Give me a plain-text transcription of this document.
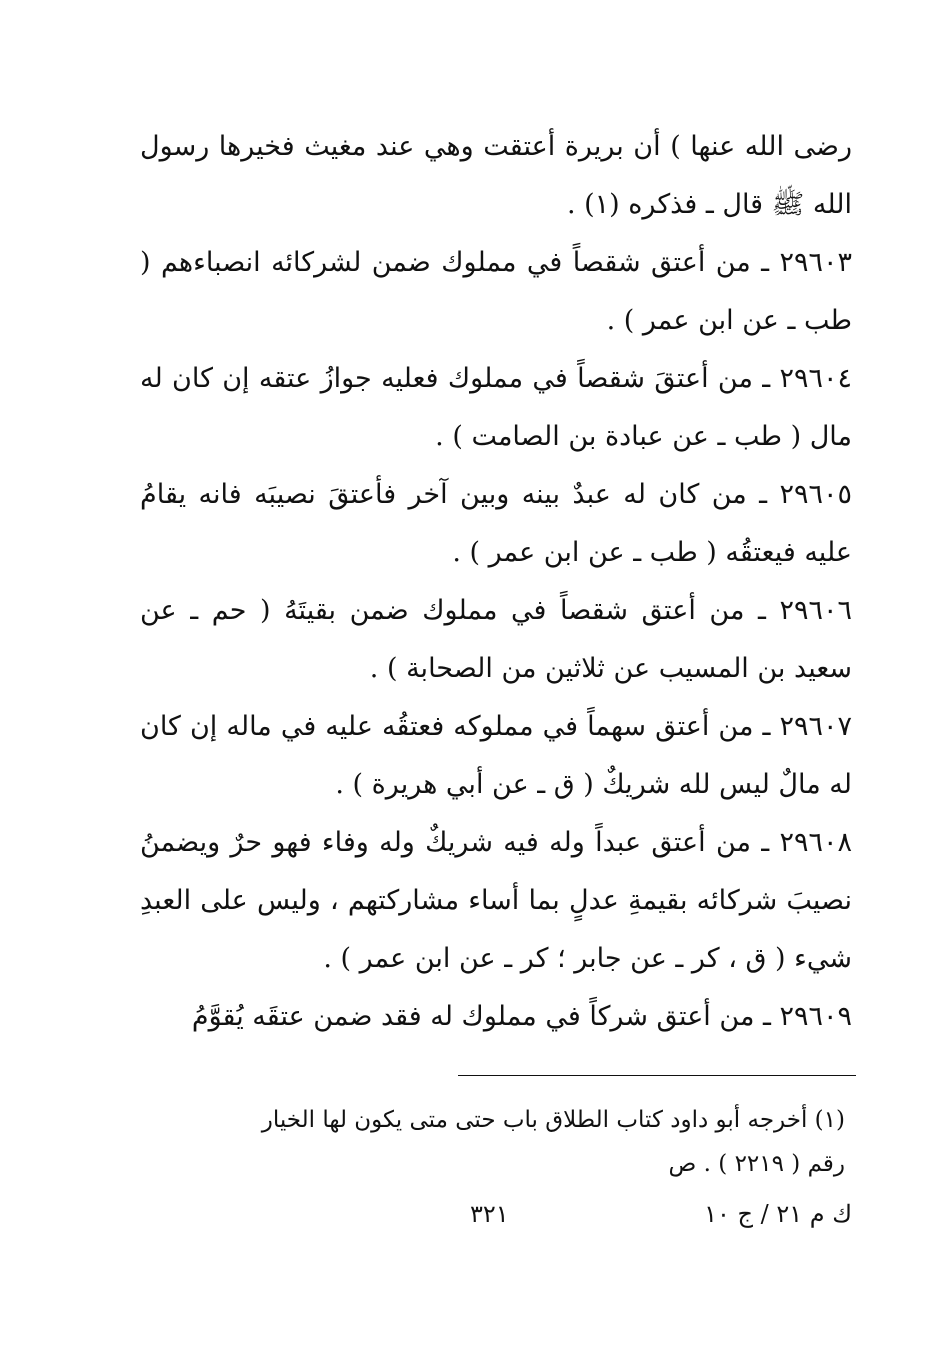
رضى الله عنها ) أن بريرة أعتقت وهي عند مغيث فخيرها رسول الله ﷺ قال ـ فذكره (١) .

٢٩٦٠٣ ـ من أعتق شقصاً في مملوك ضمن لشركائه انصباءهم ( طب ـ عن ابن عمر ) .

٢٩٦٠٤ ـ من أعتقَ شقصاً في مملوك فعليه جوازُ عتقه إن كان له مال ( طب ـ عن عبادة بن الصامت ) .

٢٩٦٠٥ ـ من كان له عبدٌ بينه وبين آخر فأعتقَ نصيبَه فانه يقامُ عليه فيعتقُه ( طب ـ عن ابن عمر ) .

٢٩٦٠٦ ـ من أعتق شقصاً في مملوك ضمن بقيتَهُ ( حم ـ عن سعيد بن المسيب عن ثلاثين من الصحابة ) .

٢٩٦٠٧ ـ من أعتق سهماً في مملوكه فعتقُه عليه في ماله إن كان له مالٌ ليس لله شريكٌ ( ق ـ عن أبي هريرة ) .

٢٩٦٠٨ ـ من أعتق عبداً وله فيه شريكٌ وله وفاء فهو حرٌ ويضمنُ نصيبَ شركائه بقيمةِ عدلٍ بما أساء مشاركتهم ، وليس على العبدِ شيء ( ق ، كر ـ عن جابر ؛ كر ـ عن ابن عمر ) .

٢٩٦٠٩ ـ من أعتق شركاً في مملوك له فقد ضمن عتقَه يُقوَّمُ

(١) أخرجه أبو داود كتاب الطلاق باب حتى متى يكون لها الخيار
رقم ( ٢٢١٩ ) . ص
ك م ٢١ / ج ١٠
٣٢١
